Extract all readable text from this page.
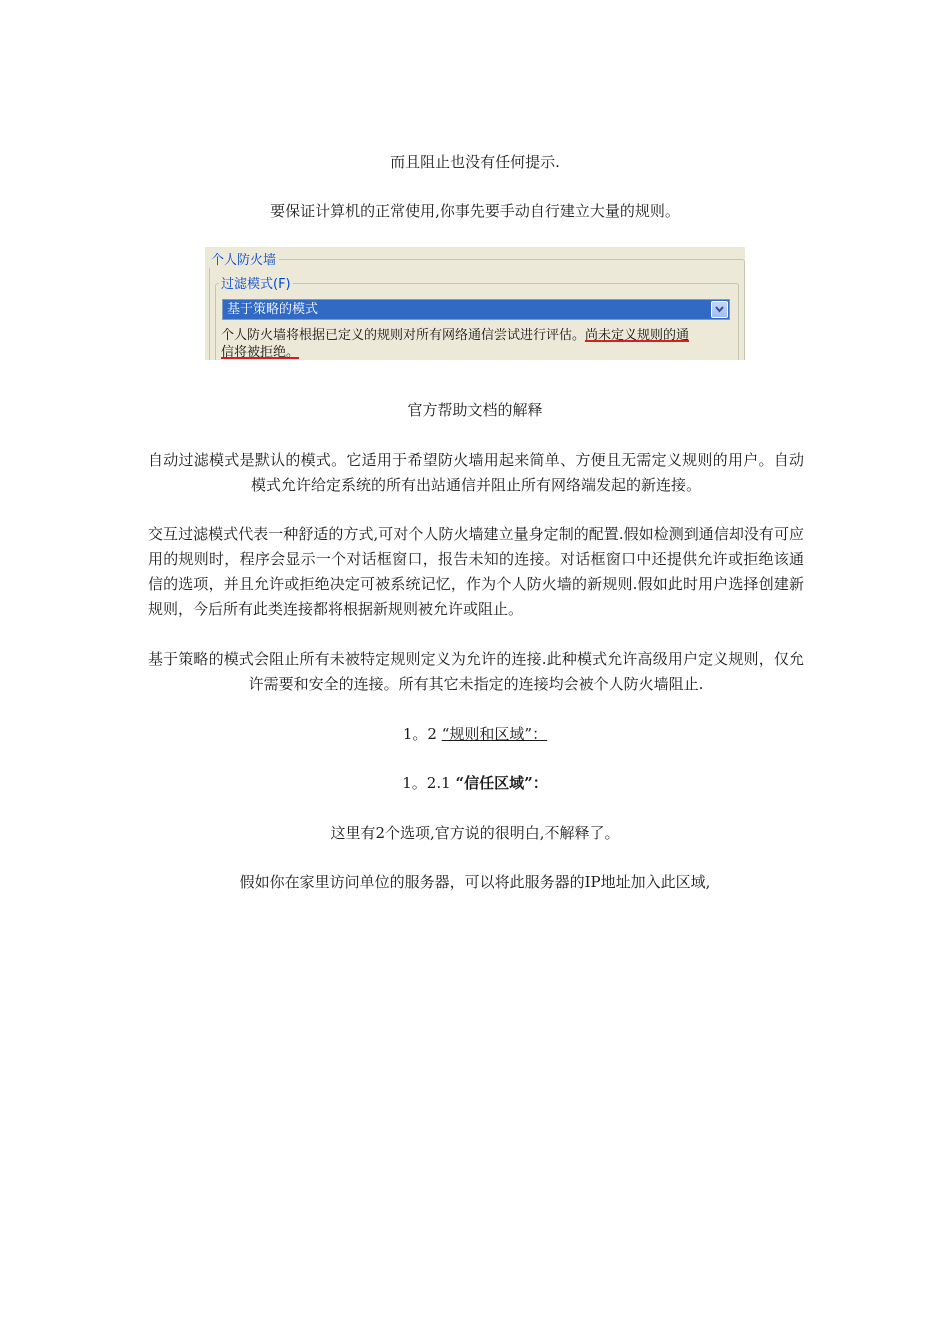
而且阻止也没有任何提示.
要保证计算机的正常使用,你事先要手动自行建立大量的规则。
个人防火墙
过滤模式(F)
基于策略的模式
个人防火墙将根据已定义的规则对所有网络通信尝试进行评估。尚未定义规则的通
信将被拒绝。
官方帮助文档的解释
自动过滤模式是默认的模式。它适用于希望防火墙用起来简单、方便且无需定义规则的用户。自动模式允许给定系统的所有出站通信并阻止所有网络端发起的新连接。
交互过滤模式代表一种舒适的方式,可对个人防火墙建立量身定制的配置.假如检测到通信却没有可应用的规则时，程序会显示一个对话框窗口，报告未知的连接。对话框窗口中还提供允许或拒绝该通信的选项，并且允许或拒绝决定可被系统记忆，作为个人防火墙的新规则.假如此时用户选择创建新规则，今后所有此类连接都将根据新规则被允许或阻止。
基于策略的模式会阻止所有未被特定规则定义为允许的连接.此种模式允许高级用户定义规则，仅允许需要和安全的连接。所有其它未指定的连接均会被个人防火墙阻止.
1。2 “规则和区域”：
1。2.1 “信任区域”：
这里有2个选项,官方说的很明白,不解释了。
假如你在家里访问单位的服务器，可以将此服务器的IP地址加入此区域,
